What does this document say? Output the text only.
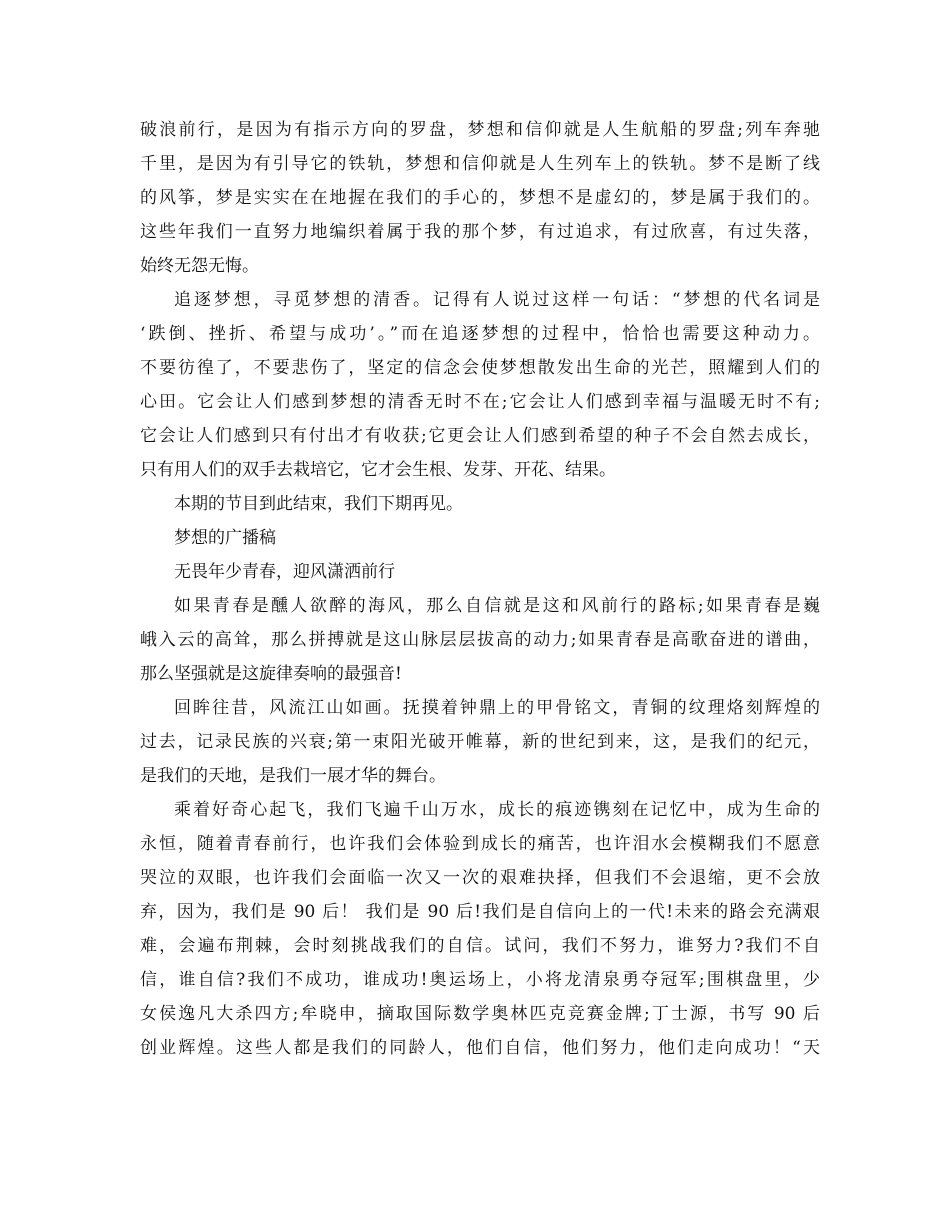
破浪前行，是因为有指示方向的罗盘，梦想和信仰就是人生航船的罗盘;列车奔驰
千里，是因为有引导它的铁轨，梦想和信仰就是人生列车上的铁轨。梦不是断了线
的风筝，梦是实实在在地握在我们的手心的，梦想不是虚幻的，梦是属于我们的。
这些年我们一直努力地编织着属于我的那个梦，有过追求，有过欣喜，有过失落，
始终无怨无悔。
追逐梦想，寻觅梦想的清香。记得有人说过这样一句话：“梦想的代名词是
‘跌倒、挫折、希望与成功’。”而在追逐梦想的过程中，恰恰也需要这种动力。
不要彷徨了，不要悲伤了，坚定的信念会使梦想散发出生命的光芒，照耀到人们的
心田。它会让人们感到梦想的清香无时不在;它会让人们感到幸福与温暖无时不有;
它会让人们感到只有付出才有收获;它更会让人们感到希望的种子不会自然去成长，
只有用人们的双手去栽培它，它才会生根、发芽、开花、结果。
本期的节目到此结束，我们下期再见。
梦想的广播稿
无畏年少青春，迎风潇洒前行
如果青春是醺人欲醉的海风，那么自信就是这和风前行的路标;如果青春是巍
峨入云的高耸，那么拼搏就是这山脉层层拔高的动力;如果青春是高歌奋进的谱曲，
那么坚强就是这旋律奏响的最强音!
回眸往昔，风流江山如画。抚摸着钟鼎上的甲骨铭文，青铜的纹理烙刻辉煌的
过去，记录民族的兴衰;第一束阳光破开帷幕，新的世纪到来，这，是我们的纪元，
是我们的天地，是我们一展才华的舞台。
乘着好奇心起飞，我们飞遍千山万水，成长的痕迹镌刻在记忆中，成为生命的
永恒，随着青春前行，也许我们会体验到成长的痛苦，也许泪水会模糊我们不愿意
哭泣的双眼，也许我们会面临一次又一次的艰难抉择，但我们不会退缩，更不会放
弃，因为，我们是 90 后！ 我们是 90 后!我们是自信向上的一代!未来的路会充满艰
难，会遍布荆棘，会时刻挑战我们的自信。试问，我们不努力，谁努力?我们不自
信，谁自信?我们不成功，谁成功!奥运场上，小将龙清泉勇夺冠军;围棋盘里，少
女侯逸凡大杀四方;牟晓申，摘取国际数学奥林匹克竞赛金牌;丁士源，书写 90 后
创业辉煌。这些人都是我们的同龄人，他们自信，他们努力，他们走向成功！“天
